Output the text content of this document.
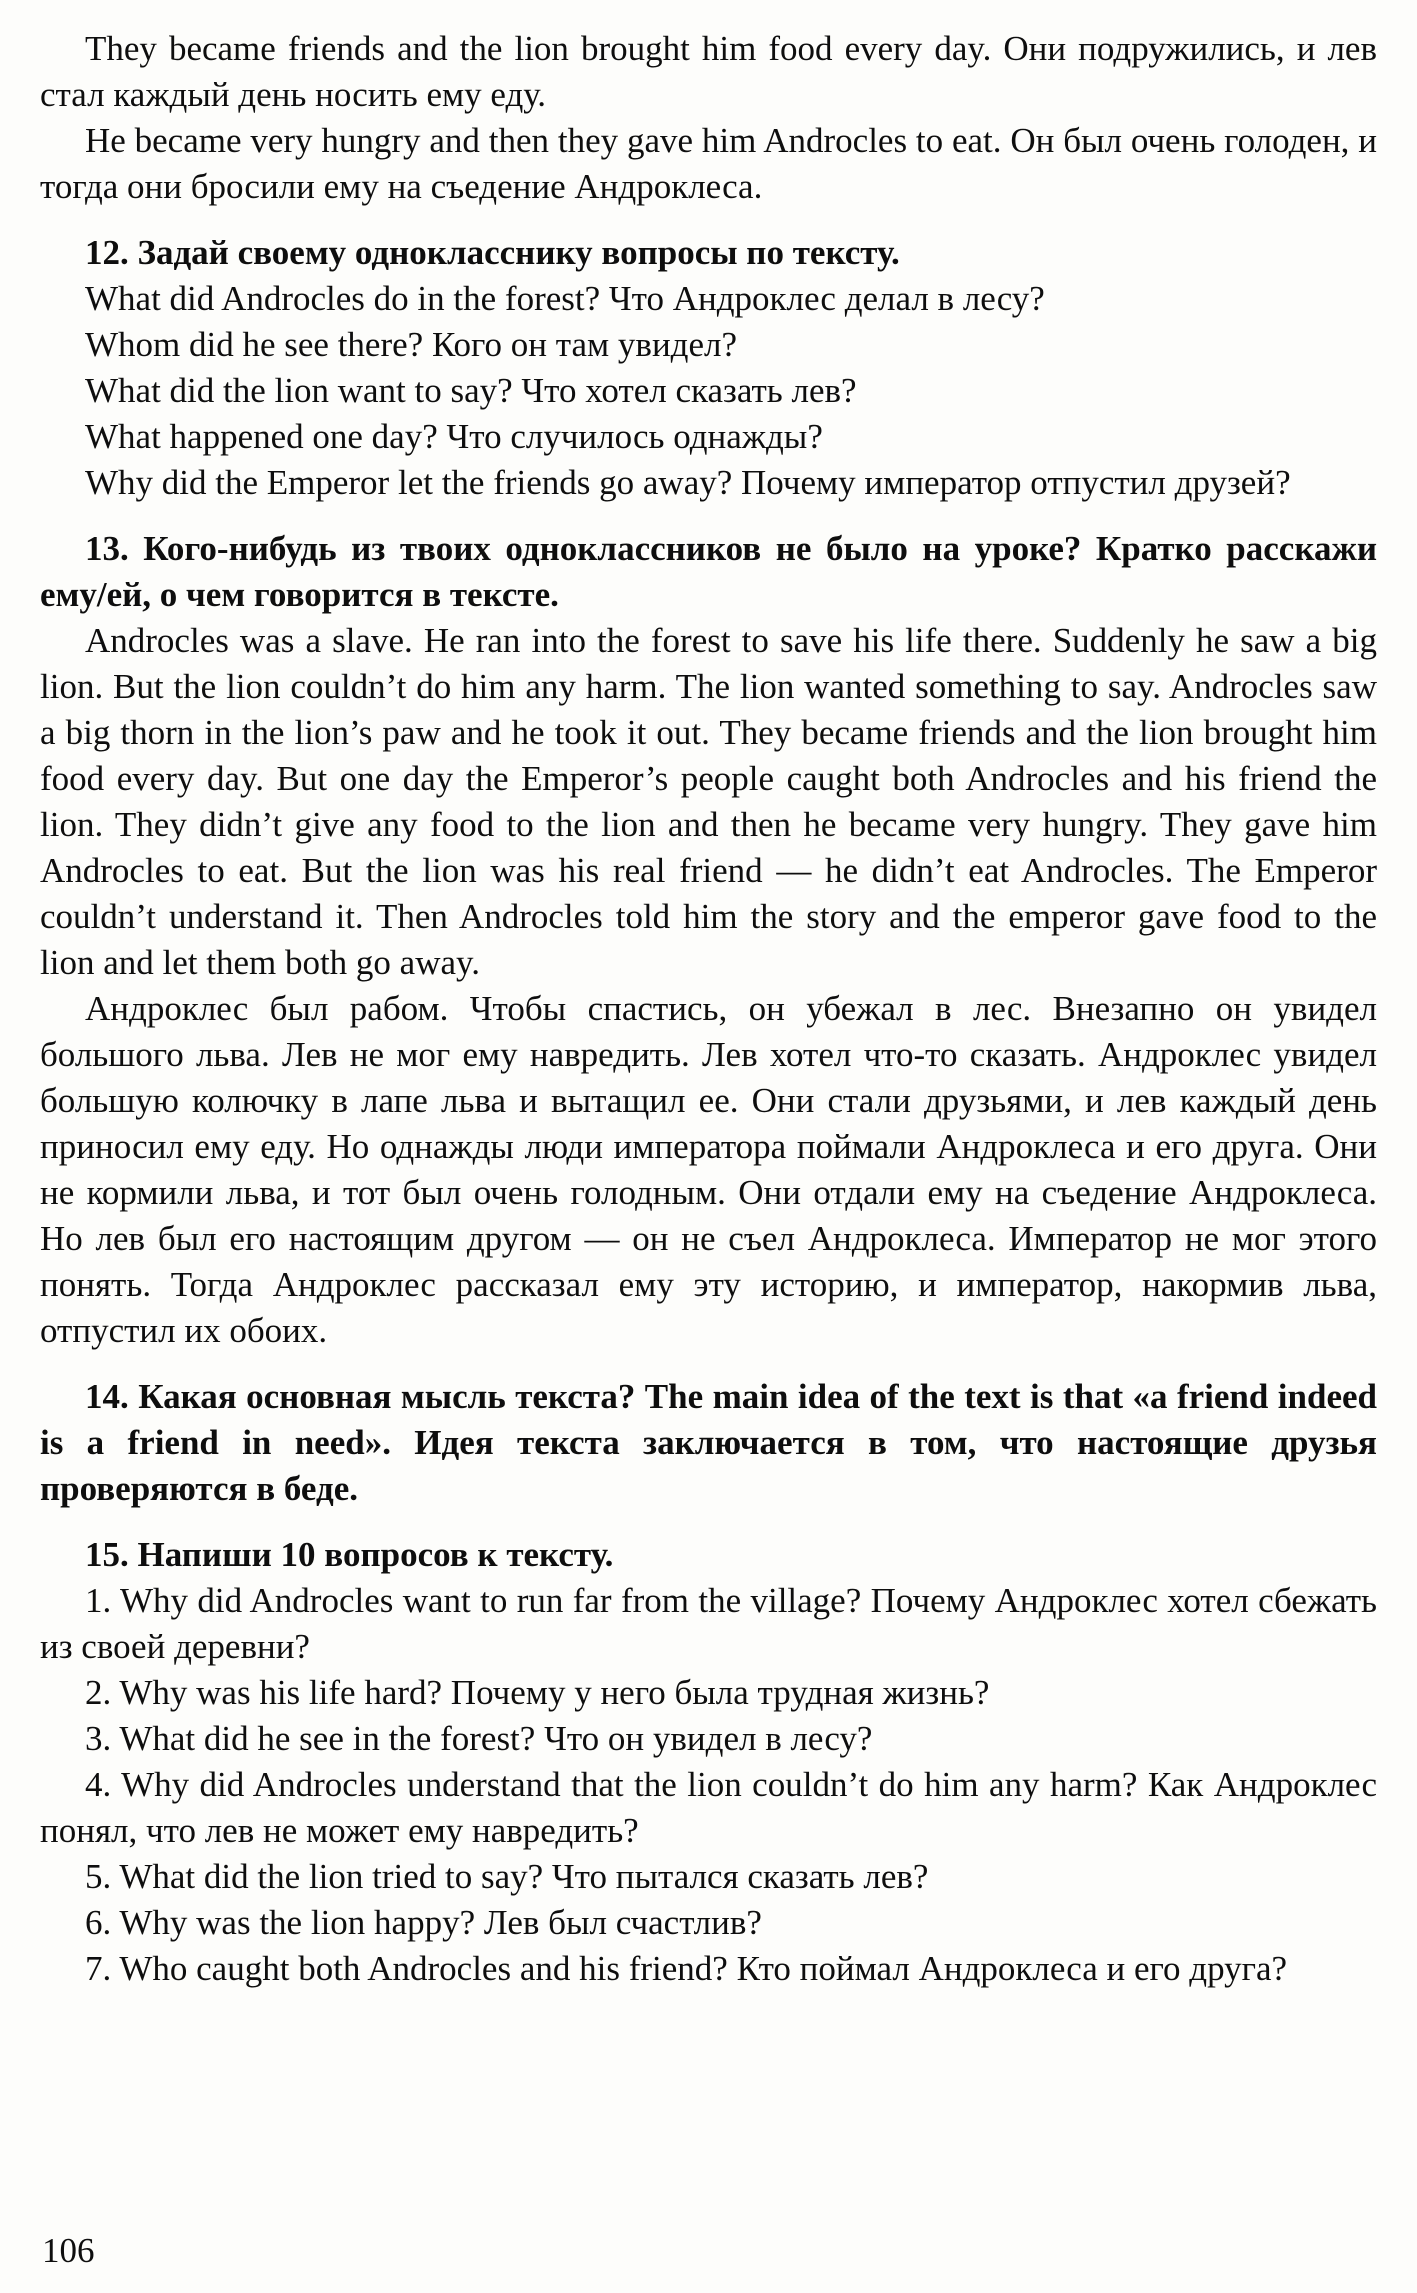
They became friends and the lion brought him food every day. Они подружились, и лев стал каждый день носить ему еду.

He became very hungry and then they gave him Androcles to eat. Он был очень голоден, и тогда они бросили ему на съедение Андроклеса.

12. Задай своему однокласснику вопросы по тексту.

What did Androcles do in the forest? Что Андроклес делал в лесу?

Whom did he see there? Кого он там увидел?

What did the lion want to say? Что хотел сказать лев?

What happened one day? Что случилось однажды?

Why did the Emperor let the friends go away? Почему император отпустил друзей?

13. Кого-нибудь из твоих одноклассников не было на уроке? Кратко расскажи ему/ей, о чем говорится в тексте.

Androcles was a slave. He ran into the forest to save his life there. Suddenly he saw a big lion. But the lion couldn’t do him any harm. The lion wanted something to say. Androcles saw a big thorn in the lion’s paw and he took it out. They became friends and the lion brought him food every day. But one day the Emperor’s people caught both Androcles and his friend the lion. They didn’t give any food to the lion and then he became very hungry. They gave him Androcles to eat. But the lion was his real friend — he didn’t eat Androcles. The Emperor couldn’t understand it. Then Androcles told him the story and the emperor gave food to the lion and let them both go away.

Андроклес был рабом. Чтобы спастись, он убежал в лес. Внезапно он увидел большого льва. Лев не мог ему навредить. Лев хотел что-то сказать. Андроклес увидел большую колючку в лапе льва и вытащил ее. Они стали друзьями, и лев каждый день приносил ему еду. Но однажды люди императора поймали Андроклеса и его друга. Они не кормили льва, и тот был очень голодным. Они отдали ему на съедение Андроклеса. Но лев был его настоящим другом — он не съел Андроклеса. Император не мог этого понять. Тогда Андроклес рассказал ему эту историю, и император, накормив льва, отпустил их обоих.

14. Какая основная мысль текста? The main idea of the text is that «a friend indeed is a friend in need». Идея текста заключается в том, что настоящие друзья проверяются в беде.

15. Напиши 10 вопросов к тексту.

1. Why did Androcles want to run far from the village? Почему Андроклес хотел сбежать из своей деревни?

2. Why was his life hard? Почему у него была трудная жизнь?

3. What did he see in the forest? Что он увидел в лесу?

4. Why did Androcles understand that the lion couldn’t do him any harm? Как Андроклес понял, что лев не может ему навредить?

5. What did the lion tried to say? Что пытался сказать лев?

6. Why was the lion happy? Лев был счастлив?

7. Who caught both Androcles and his friend? Кто поймал Андроклеса и его друга?

106
